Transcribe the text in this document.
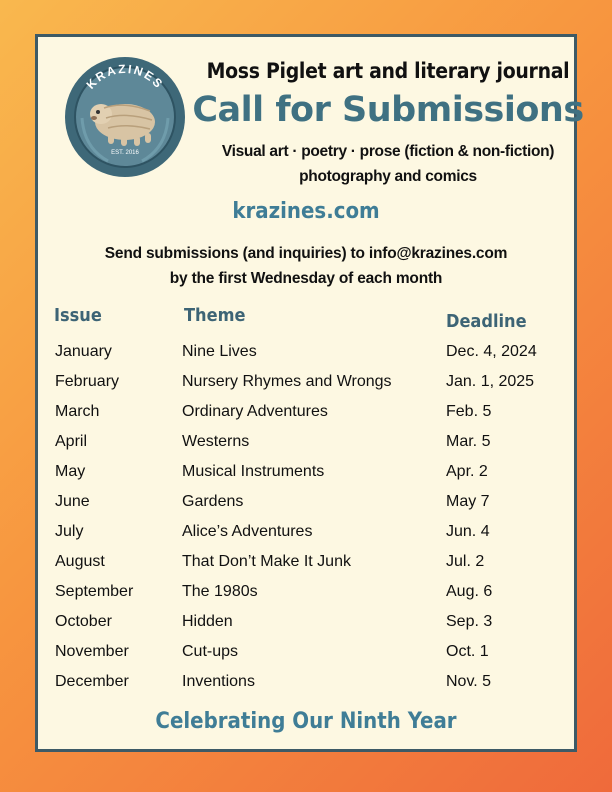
KRAZINES
EST. 2016
Moss Piglet art and literary journal
Call for Submissions
Visual art · poetry · prose (fiction & non-fiction)
photography and comics
krazines.com
Send submissions (and inquiries) to info@krazines.com
by the first Wednesday of each month
Issue	Theme	Deadline
January	Nine Lives	Dec. 4, 2024
February	Nursery Rhymes and Wrongs	Jan. 1, 2025
March	Ordinary Adventures	Feb. 5
April	Westerns	Mar. 5
May	Musical Instruments	Apr. 2
June	Gardens	May 7
July	Alice’s Adventures	Jun. 4
August	That Don’t Make It Junk	Jul. 2
September	The 1980s	Aug. 6
October	Hidden	Sep. 3
November	Cut-ups	Oct. 1
December	Inventions	Nov. 5
Celebrating Our Ninth Year
